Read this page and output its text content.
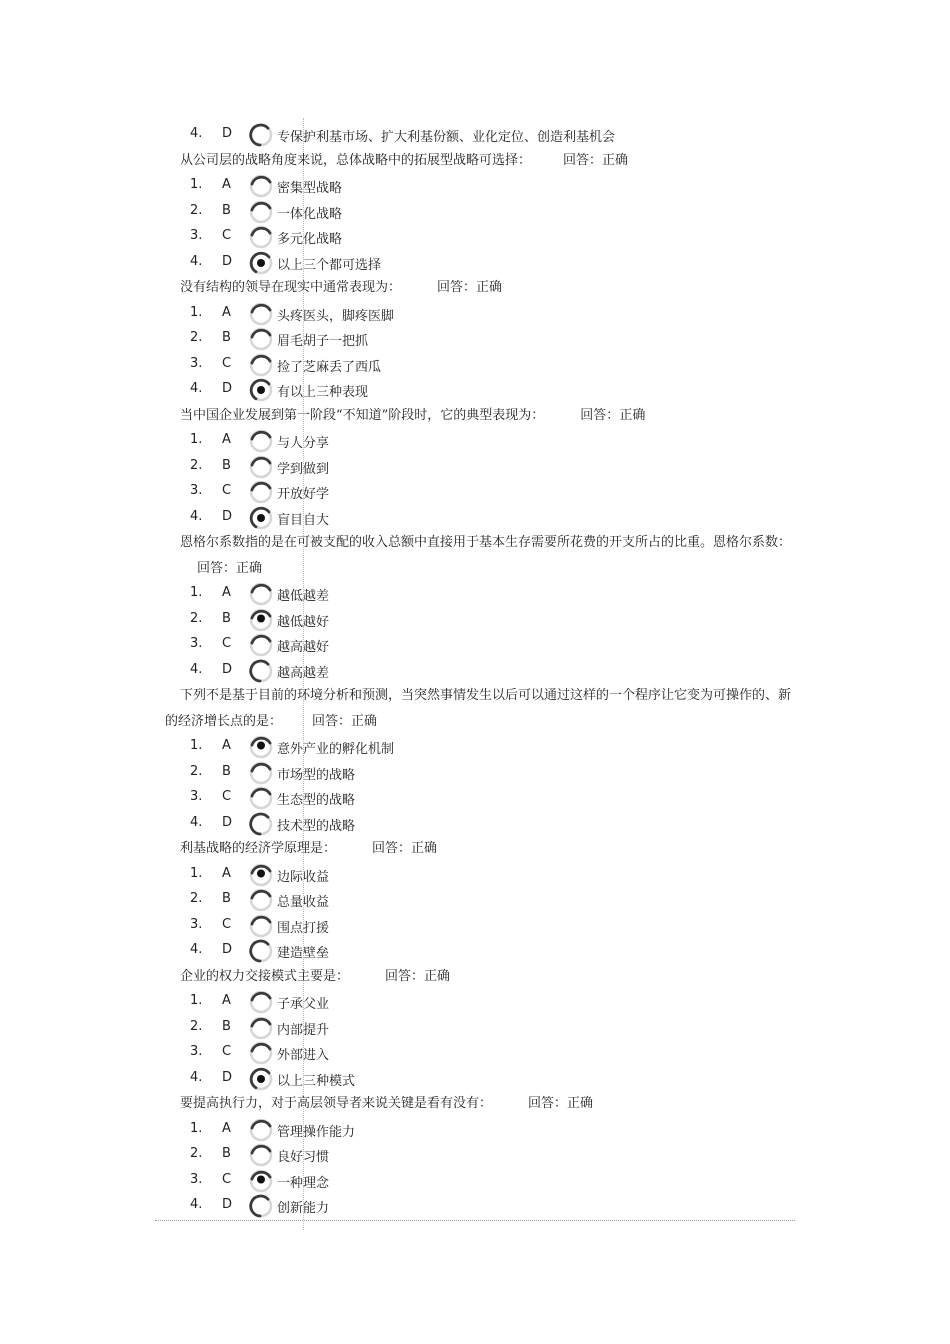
4.	D	专保护利基市场、扩大利基份额、业化定位、创造利基机会
从公司层的战略角度来说，总体战略中的拓展型战略可选择： 回答：正确
1.	A	密集型战略
2.	B	一体化战略
3.	C	多元化战略
4.	D	以上三个都可选择
没有结构的领导在现实中通常表现为：	回答：正确
1.	A	头疼医头，脚疼医脚
2.	B	眉毛胡子一把抓
3.	C	捡了芝麻丢了西瓜
4.	D	有以上三种表现
当中国企业发展到第一阶段“不知道”阶段时，它的典型表现为：	回答：正确
1.	A	与人分享
2.	B	学到做到
3.	C	开放好学
4.	D	盲目自大
恩格尔系数指的是在可被支配的收入总额中直接用于基本生存需要所花费的开支所占的比重。恩格尔系数：回答：正确
1.	A	越低越差
2.	B	越低越好
3.	C	越高越好
4.	D	越高越差
下列不是基于目前的环境分析和预测，当突然事情发生以后可以通过这样的一个程序让它变为可操作的、新的经济增长点的是： 回答：正确
1.	A	意外产业的孵化机制
2.	B	市场型的战略
3.	C	生态型的战略
4.	D	技术型的战略
利基战略的经济学原理是：	回答：正确
1.	A	边际收益
2.	B	总量收益
3.	C	围点打援
4.	D	建造壁垒
企业的权力交接模式主要是：	回答：正确
1.	A	子承父业
2.	B	内部提升
3.	C	外部进入
4.	D	以上三种模式
要提高执行力，对于高层领导者来说关键是看有没有：	回答：正确
1.	A	管理操作能力
2.	B	良好习惯
3.	C	一种理念
4.	D	创新能力
